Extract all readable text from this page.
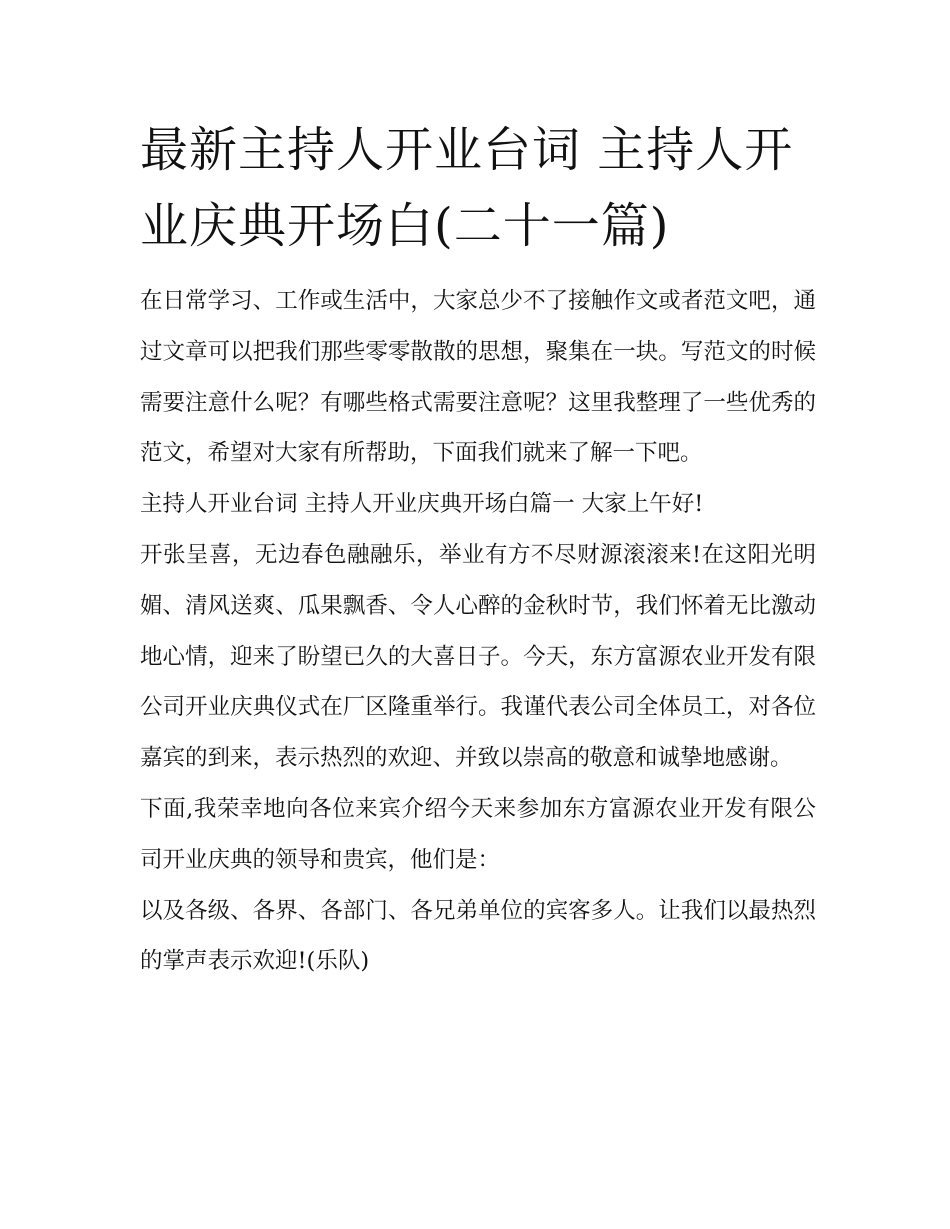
最新主持人开业台词 主持人开业庆典开场白(二十一篇)

在日常学习、工作或生活中，大家总少不了接触作文或者范文吧，通过文章可以把我们那些零零散散的思想，聚集在一块。写范文的时候需要注意什么呢？有哪些格式需要注意呢？这里我整理了一些优秀的范文，希望对大家有所帮助，下面我们就来了解一下吧。

主持人开业台词 主持人开业庆典开场白篇一 大家上午好!

开张呈喜，无边春色融融乐，举业有方不尽财源滚滚来!在这阳光明媚、清风送爽、瓜果飘香、令人心醉的金秋时节，我们怀着无比激动地心情，迎来了盼望已久的大喜日子。今天，东方富源农业开发有限公司开业庆典仪式在厂区隆重举行。我谨代表公司全体员工，对各位嘉宾的到来，表示热烈的欢迎、并致以崇高的敬意和诚挚地感谢。

下面,我荣幸地向各位来宾介绍今天来参加东方富源农业开发有限公司开业庆典的领导和贵宾，他们是：

以及各级、各界、各部门、各兄弟单位的宾客多人。让我们以最热烈的掌声表示欢迎!(乐队)
